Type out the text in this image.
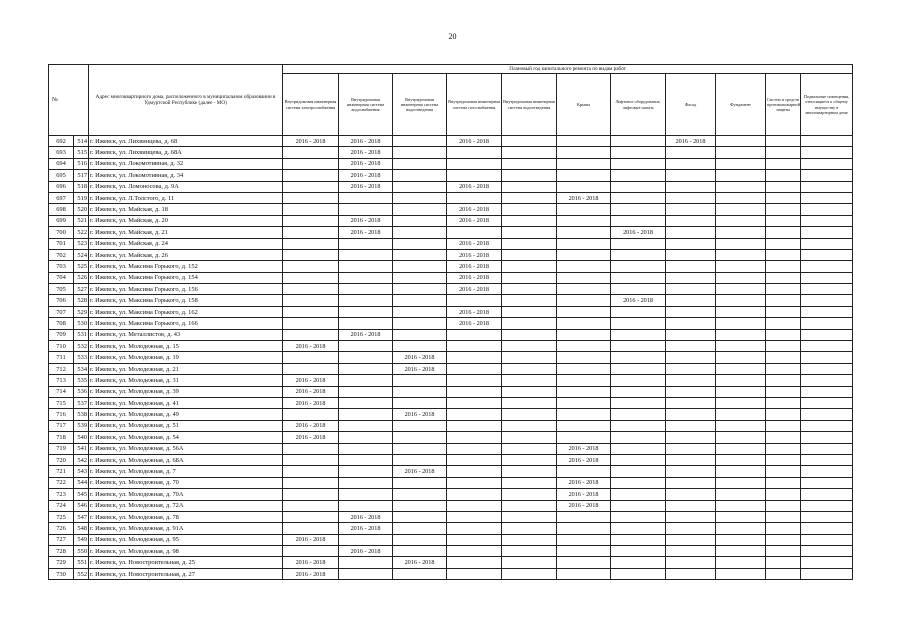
20
№		Адрес многоквартирного дома, расположенного в муниципальном образовании в Удмуртской Республике (далее - МО)	Плановый год капитального ремонта по видам работ										
			Внутридомовая инженерная система электроснабжения	Внутридомовая инженерная система водоснабжения	Внутридомовая инженерная система водоотведения	Внутридомовая инженерная система газоснабжения	Внутридомовая инженерная система водоотведения	Крыша	Лифтовое оборудование, лифтовые шахты	Фасад	Фундамент	Систем и средств противопожарной защиты	Подвальные помещения, относящиеся к общему имуществу в многоквартирном доме
692	514	г. Ижевск, ул. Лихвинцева, д. 68	2016 - 2018	2016 - 2018		2016 - 2018				2016 - 2018			
693	515	г. Ижевск, ул. Лихвинцева, д. 68А		2016 - 2018									
694	516	г. Ижевск, ул. Локомотивная, д. 32		2016 - 2018									
695	517	г. Ижевск, ул. Локомотивная, д. 34		2016 - 2018									
696	518	г. Ижевск, ул. Ломоносова, д. 9А		2016 - 2018		2016 - 2018							
697	519	г. Ижевск, ул. Л.Толстого, д. 11						2016 - 2018					
698	520	г. Ижевск, ул. Майская, д. 18				2016 - 2018							
699	521	г. Ижевск, ул. Майская, д. 20		2016 - 2018		2016 - 2018							
700	522	г. Ижевск, ул. Майская, д. 21		2016 - 2018					2016 - 2018				
701	523	г. Ижевск, ул. Майская, д. 24				2016 - 2018							
702	524	г. Ижевск, ул. Майская, д. 26				2016 - 2018							
703	525	г. Ижевск, ул. Максима Горького, д. 152				2016 - 2018							
704	526	г. Ижевск, ул. Максима Горького, д. 154				2016 - 2018							
705	527	г. Ижевск, ул. Максима Горького, д. 156				2016 - 2018							
706	528	г. Ижевск, ул. Максима Горького, д. 158							2016 - 2018				
707	529	г. Ижевск, ул. Максима Горького, д. 162				2016 - 2018							
708	530	г. Ижевск, ул. Максима Горького, д. 166				2016 - 2018							
709	531	г. Ижевск, ул. Металлистов, д. 43		2016 - 2018									
710	532	г. Ижевск, ул. Молодежная, д. 15	2016 - 2018										
711	533	г. Ижевск, ул. Молодежная, д. 19			2016 - 2018								
712	534	г. Ижевск, ул. Молодежная, д. 21			2016 - 2018								
713	535	г. Ижевск, ул. Молодежная, д. 31	2016 - 2018										
714	536	г. Ижевск, ул. Молодежная, д. 39	2016 - 2018										
715	537	г. Ижевск, ул. Молодежная, д. 41	2016 - 2018										
716	538	г. Ижевск, ул. Молодежная, д. 49			2016 - 2018								
717	539	г. Ижевск, ул. Молодежная, д. 51	2016 - 2018										
718	540	г. Ижевск, ул. Молодежная, д. 54	2016 - 2018										
719	541	г. Ижевск, ул. Молодежная, д. 56А						2016 - 2018					
720	542	г. Ижевск, ул. Молодежная, д. 68А						2016 - 2018					
721	543	г. Ижевск, ул. Молодежная, д. 7			2016 - 2018								
722	544	г. Ижевск, ул. Молодежная, д. 70						2016 - 2018					
723	545	г. Ижевск, ул. Молодежная, д. 70А						2016 - 2018					
724	546	г. Ижевск, ул. Молодежная, д. 72А						2016 - 2018					
725	547	г. Ижевск, ул. Молодежная, д. 78		2016 - 2018									
726	548	г. Ижевск, ул. Молодежная, д. 91А		2016 - 2018									
727	549	г. Ижевск, ул. Молодежная, д. 95	2016 - 2018										
728	550	г. Ижевск, ул. Молодежная, д. 98		2016 - 2018									
729	551	г. Ижевск, ул. Новостроительная, д. 25	2016 - 2018		2016 - 2018								
730	552	г. Ижевск, ул. Новостроительная, д. 27	2016 - 2018										
